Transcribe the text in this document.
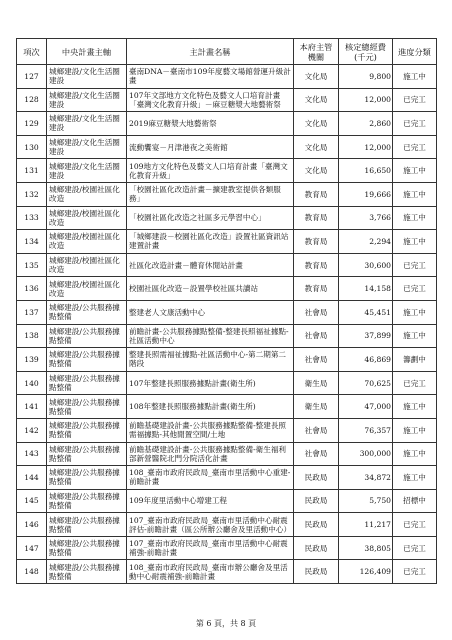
項次	中央計畫主軸	主計畫名稱	本府主管機關	核定總經費(千元)	進度分類
127	城鄉建設/文化生活圈建設	臺南DNA－臺南市109年度藝文場館營運升級計畫	文化局	9,800	施工中
128	城鄉建設/文化生活圈建設	107年文部地方文化特色及藝文人口培育計畫「臺灣文化教育升級」－麻豆糖漿大地藝術祭	文化局	12,000	已完工
129	城鄉建設/文化生活圈建設	2019麻豆糖漿大地藝術祭	文化局	2,860	已完工
130	城鄉建設/文化生活圈建設	流動饗宴－月津港夜之美術館	文化局	12,000	已完工
131	城鄉建設/文化生活圈建設	109地方文化特色及藝文人口培育計畫「臺灣文化教育升級」	文化局	16,650	施工中
132	城鄉建設/校園社區化改造	「校園社區化改造計畫－擴建教室提供各類服務」	教育局	19,666	施工中
133	城鄉建設/校園社區化改造	「校園社區化改造之社區多元學習中心」	教育局	3,766	施工中
134	城鄉建設/校園社區化改造	「城鄉建設－校園社區化改造」設置社區資訊站建置計畫	教育局	2,294	施工中
135	城鄉建設/校園社區化改造	社區化改造計畫－體育休閒站計畫	教育局	30,600	已完工
136	城鄉建設/校園社區化改造	校園社區化改造－設置學校社區共讀站	教育局	14,158	已完工
137	城鄉建設/公共服務據點整備	整建老人文康活動中心	社會局	45,451	施工中
138	城鄉建設/公共服務據點整備	前瞻計畫-公共服務據點整備-整建長照福祉據點-社區活動中心	社會局	37,899	施工中
139	城鄉建設/公共服務據點整備	整建長照需福祉據點-社區活動中心-第二期第二階段	社會局	46,869	籌劃中
140	城鄉建設/公共服務據點整備	107年整建長照服務據點計畫(衛生所)	衛生局	70,625	已完工
141	城鄉建設/公共服務據點整備	108年整建長照服務據點計畫(衛生所)	衛生局	47,000	施工中
142	城鄉建設/公共服務據點整備	前瞻基礎建設計畫-公共服務據點整備-整建長照需福據點-其他閒置空間/土地	社會局	76,357	施工中
143	城鄉建設/公共服務據點整備	前瞻基礎建設計畫-公共服務據點整備-衛生福利部新營醫院北門分院活化計畫	社會局	300,000	施工中
144	城鄉建設/公共服務據點整備	108_臺南市政府民政局_臺南市里活動中心重建-前瞻計畫	民政局	34,872	施工中
145	城鄉建設/公共服務據點整備	109年度里活動中心增建工程	民政局	5,750	招標中
146	城鄉建設/公共服務據點整備	107_臺南市政府民政局_臺南市里活動中心耐震評估-前瞻計畫（區公所辦公廳舍及里活動中心）	民政局	11,217	已完工
147	城鄉建設/公共服務據點整備	107_臺南市政府民政局_臺南市里活動中心耐震補強-前瞻計畫	民政局	38,805	已完工
148	城鄉建設/公共服務據點整備	108_臺南市政府民政局_臺南市辦公廳舍及里活動中心耐震補強-前瞻計畫	民政局	126,409	已完工
第 6 頁，共 8 頁
